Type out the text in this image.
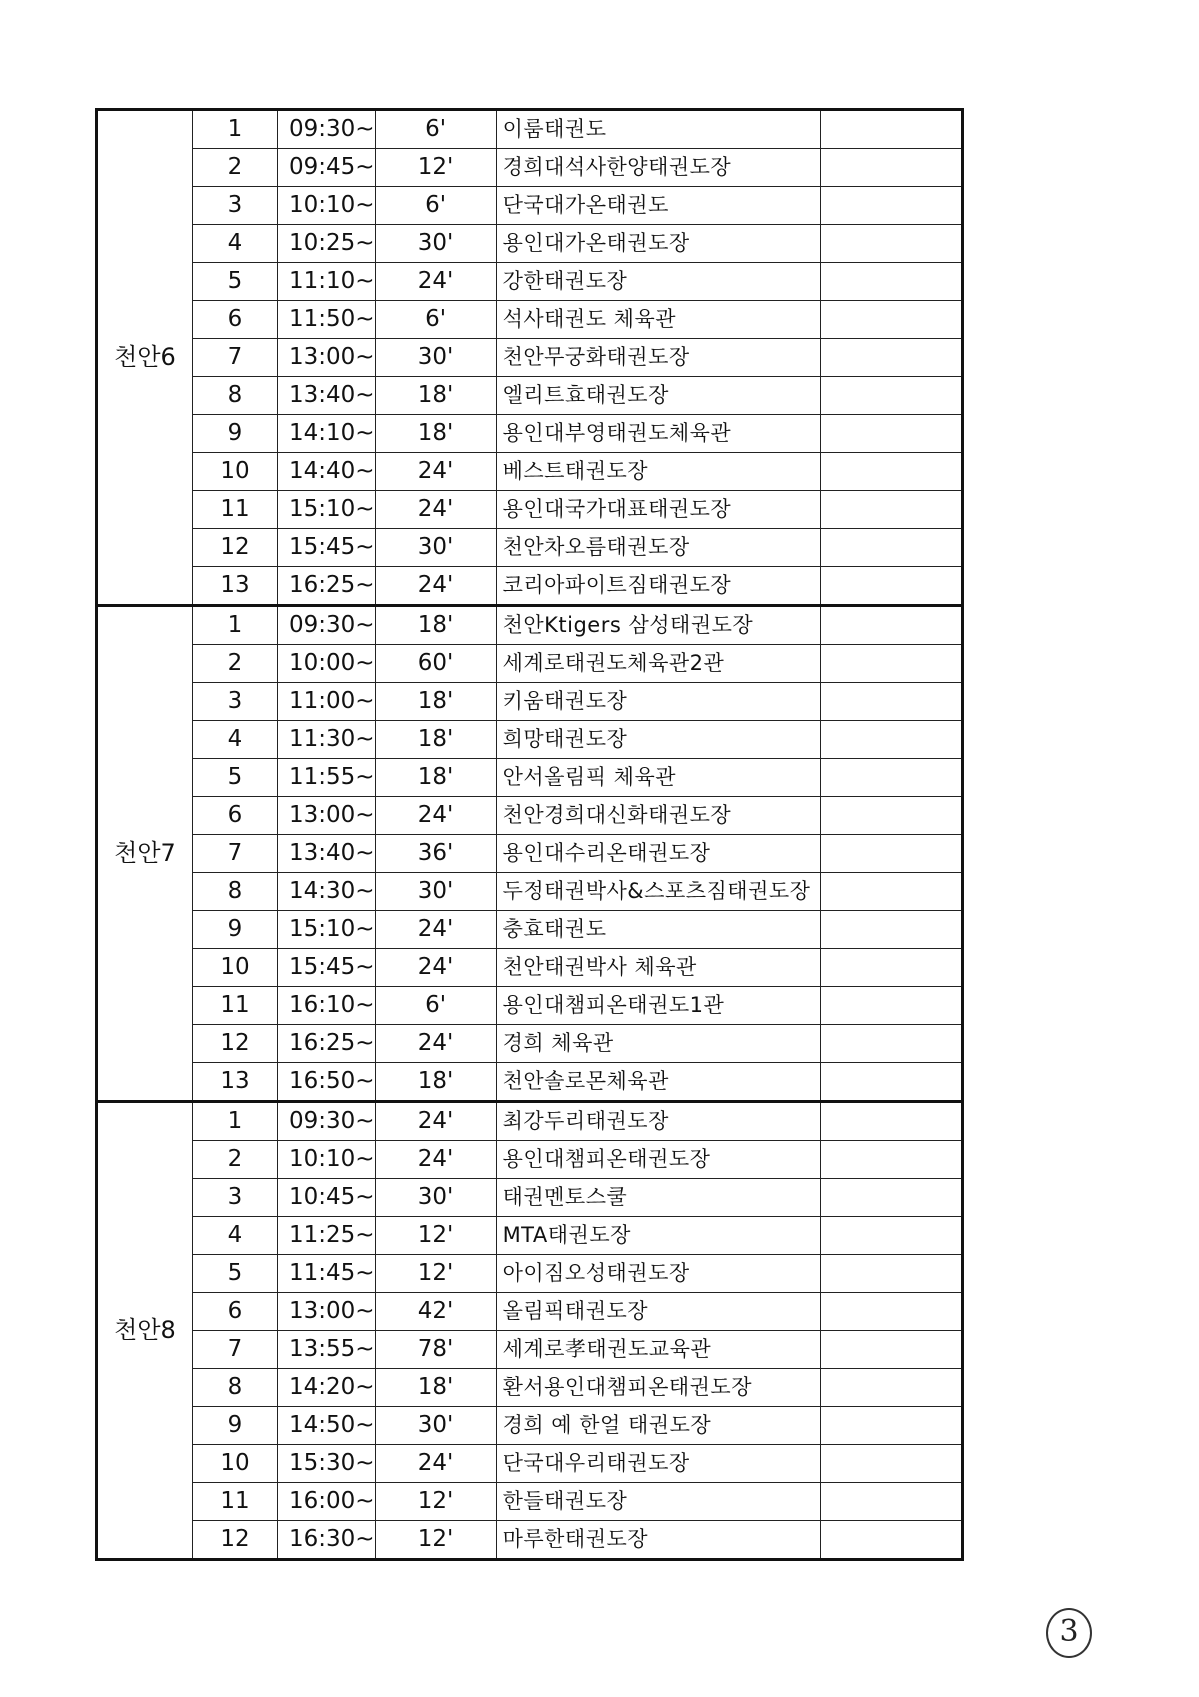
천안6	1	09:30~	6'	이룸태권도	
	2	09:45~	12'	경희대석사한양태권도장	
	3	10:10~	6'	단국대가온태권도	
	4	10:25~	30'	용인대가온태권도장	
	5	11:10~	24'	강한태권도장	
	6	11:50~	6'	석사태권도 체육관	
	7	13:00~	30'	천안무궁화태권도장	
	8	13:40~	18'	엘리트효태권도장	
	9	14:10~	18'	용인대부영태권도체육관	
	10	14:40~	24'	베스트태권도장	
	11	15:10~	24'	용인대국가대표태권도장	
	12	15:45~	30'	천안차오름태권도장	
	13	16:25~	24'	코리아파이트짐태권도장	
천안7	1	09:30~	18'	천안Ktigers 삼성태권도장	
	2	10:00~	60'	세계로태권도체육관2관	
	3	11:00~	18'	키움태권도장	
	4	11:30~	18'	희망태권도장	
	5	11:55~	18'	안서올림픽 체육관	
	6	13:00~	24'	천안경희대신화태권도장	
	7	13:40~	36'	용인대수리온태권도장	
	8	14:30~	30'	두정태권박사&스포츠짐태권도장	
	9	15:10~	24'	충효태권도	
	10	15:45~	24'	천안태권박사 체육관	
	11	16:10~	6'	용인대챔피온태권도1관	
	12	16:25~	24'	경희 체육관	
	13	16:50~	18'	천안솔로몬체육관	
천안8	1	09:30~	24'	최강두리태권도장	
	2	10:10~	24'	용인대챔피온태권도장	
	3	10:45~	30'	태권멘토스쿨	
	4	11:25~	12'	MTA태권도장	
	5	11:45~	12'	아이짐오성태권도장	
	6	13:00~	42'	올림픽태권도장	
	7	13:55~	78'	세계로孝태권도교육관	
	8	14:20~	18'	환서용인대챔피온태권도장	
	9	14:50~	30'	경희 예 한얼 태권도장	
	10	15:30~	24'	단국대우리태권도장	
	11	16:00~	12'	한들태권도장	
	12	16:30~	12'	마루한태권도장	
3
